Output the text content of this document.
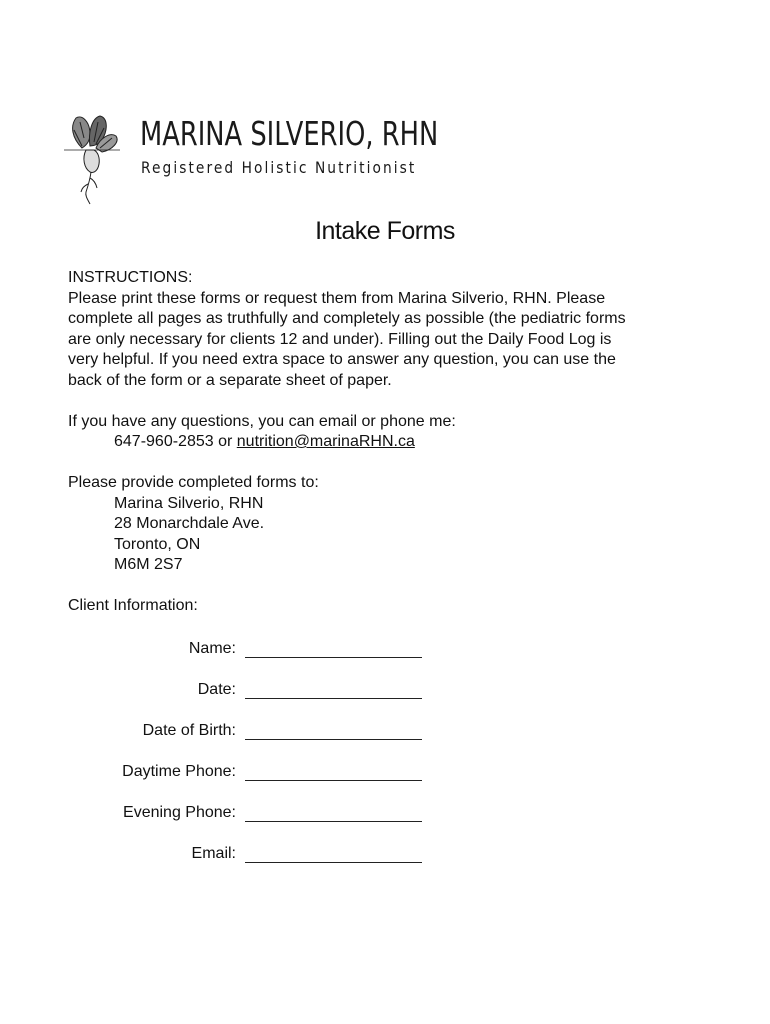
MARINA SILVERIO, RHN
Registered Holistic Nutritionist
Intake Forms

INSTRUCTIONS:

Please print these forms or request them from Marina Silverio, RHN. Please

complete all pages as truthfully and completely as possible (the pediatric forms

are only necessary for clients 12 and under). Filling out the Daily Food Log is

very helpful. If you need extra space to answer any question, you can use the

back of the form or a separate sheet of paper.

If you have any questions, you can email or phone me:

647-960-2853 or nutrition@marinaRHN.ca

Please provide completed forms to:

Marina Silverio, RHN

28 Monarchdale Ave.

Toronto, ON

M6M 2S7

Client Information:

Name:
Date:
Date of Birth:
Daytime Phone:
Evening Phone:
Email:
